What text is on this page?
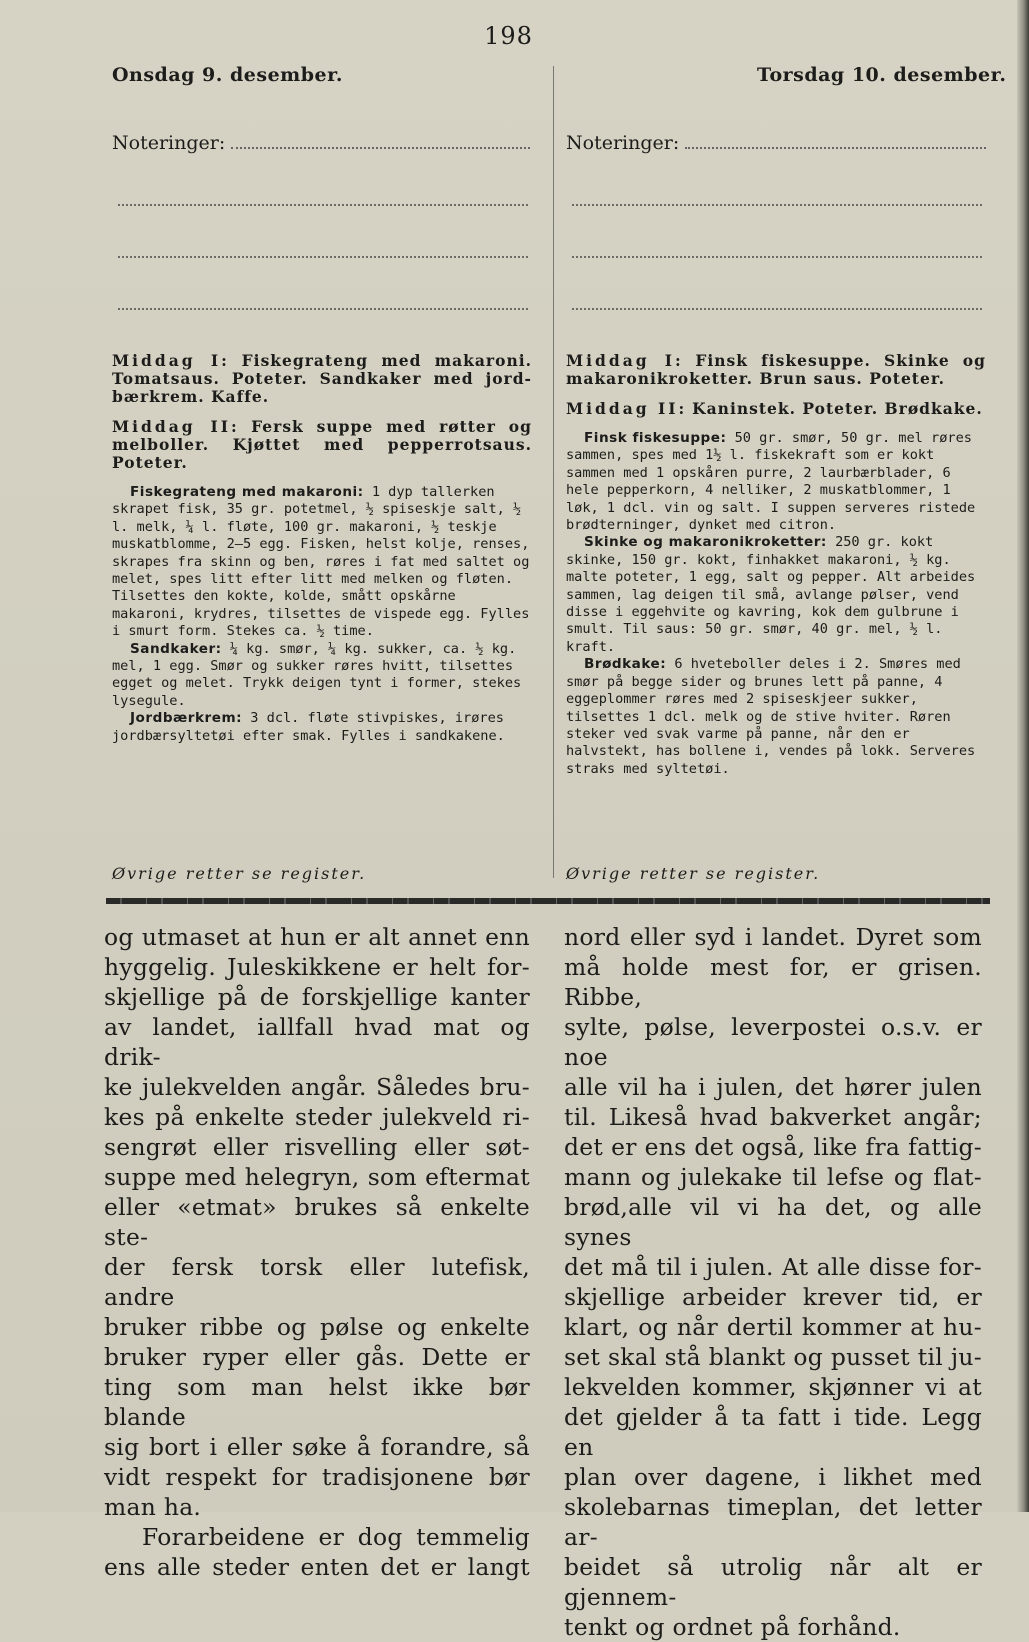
198
Onsdag 9. desember.	Torsdag 10. desember.
Noteringer:	Noteringer:

Middag I: Fiskegrateng med makaroni. Tomatsaus. Poteter. Sandkaker med jord-bærkrem. Kaffe.

Middag II: Fersk suppe med røtter og melboller. Kjøttet med pepperrotsaus. Poteter.

Fiskegrateng med makaroni: 1 dyp tallerken skrapet fisk, 35 gr. potetmel, ½ spiseskje salt, ½ l. melk, ¼ l. fløte, 100 gr. makaroni, ½ teskje muskatblomme, 2—5 egg. Fisken, helst kolje, renses, skrapes fra skinn og ben, røres i fat med saltet og melet, spes litt efter litt med melken og fløten. Tilsettes den kokte, kolde, smått opskårne makaroni, krydres, tilsettes de vispede egg. Fylles i smurt form. Stekes ca. ½ time.

Sandkaker: ¼ kg. smør, ¼ kg. sukker, ca. ½ kg. mel, 1 egg. Smør og sukker røres hvitt, tilsettes egget og melet. Trykk deigen tynt i former, stekes lysegule.

Jordbærkrem: 3 dcl. fløte stivpiskes, irøres jordbærsyltetøi efter smak. Fylles i sandkakene.

Middag I: Finsk fiskesuppe. Skinke og makaronikroketter. Brun saus. Poteter.

Middag II: Kaninstek. Poteter. Brødkake.

Finsk fiskesuppe: 50 gr. smør, 50 gr. mel røres sammen, spes med 1½ l. fiskekraft som er kokt sammen med 1 opskåren purre, 2 laurbærblader, 6 hele pepperkorn, 4 nelliker, 2 muskatblommer, 1 løk, 1 dcl. vin og salt. I suppen serveres ristede brødterninger, dynket med citron.

Skinke og makaronikroketter: 250 gr. kokt skinke, 150 gr. kokt, finhakket makaroni, ½ kg. malte poteter, 1 egg, salt og pepper. Alt arbeides sammen, lag deigen til små, avlange pølser, vend disse i eggehvite og kavring, kok dem gulbrune i smult. Til saus: 50 gr. smør, 40 gr. mel, ½ l. kraft.

Brødkake: 6 hveteboller deles i 2. Smøres med smør på begge sider og brunes lett på panne, 4 eggeplommer røres med 2 spiseskjeer sukker, tilsettes 1 dcl. melk og de stive hviter. Røren steker ved svak varme på panne, når den er halvstekt, has bollene i, vendes på lokk. Serveres straks med syltetøi.

Øvrige retter se register.	Øvrige retter se register.

og utmaset at hun er alt annet enn

hyggelig. Juleskikkene er helt for-

skjellige på de forskjellige kanter

av landet, iallfall hvad mat og drik-

ke julekvelden angår. Således bru-

kes på enkelte steder julekveld ri-

sengrøt eller risvelling eller søt-

suppe med helegryn, som eftermat

eller «etmat» brukes så enkelte ste-

der fersk torsk eller lutefisk, andre

bruker ribbe og pølse og enkelte

bruker ryper eller gås. Dette er

ting som man helst ikke bør blande

sig bort i eller søke å forandre, så

vidt respekt for tradisjonene bør

man ha.

Forarbeidene er dog temmelig

ens alle steder enten det er langt

nord eller syd i landet. Dyret som

må holde mest for, er grisen. Ribbe,

sylte, pølse, leverpostei o.s.v. er noe

alle vil ha i julen, det hører julen

til. Likeså hvad bakverket angår;

det er ens det også, like fra fattig-

mann og julekake til lefse og flat-

brød,alle vil vi ha det, og alle synes

det må til i julen. At alle disse for-

skjellige arbeider krever tid, er

klart, og når dertil kommer at hu-

set skal stå blankt og pusset til ju-

lekvelden kommer, skjønner vi at

det gjelder å ta fatt i tide. Legg en

plan over dagene, i likhet med

skolebarnas timeplan, det letter ar-

beidet så utrolig når alt er gjennem-

tenkt og ordnet på forhånd.
